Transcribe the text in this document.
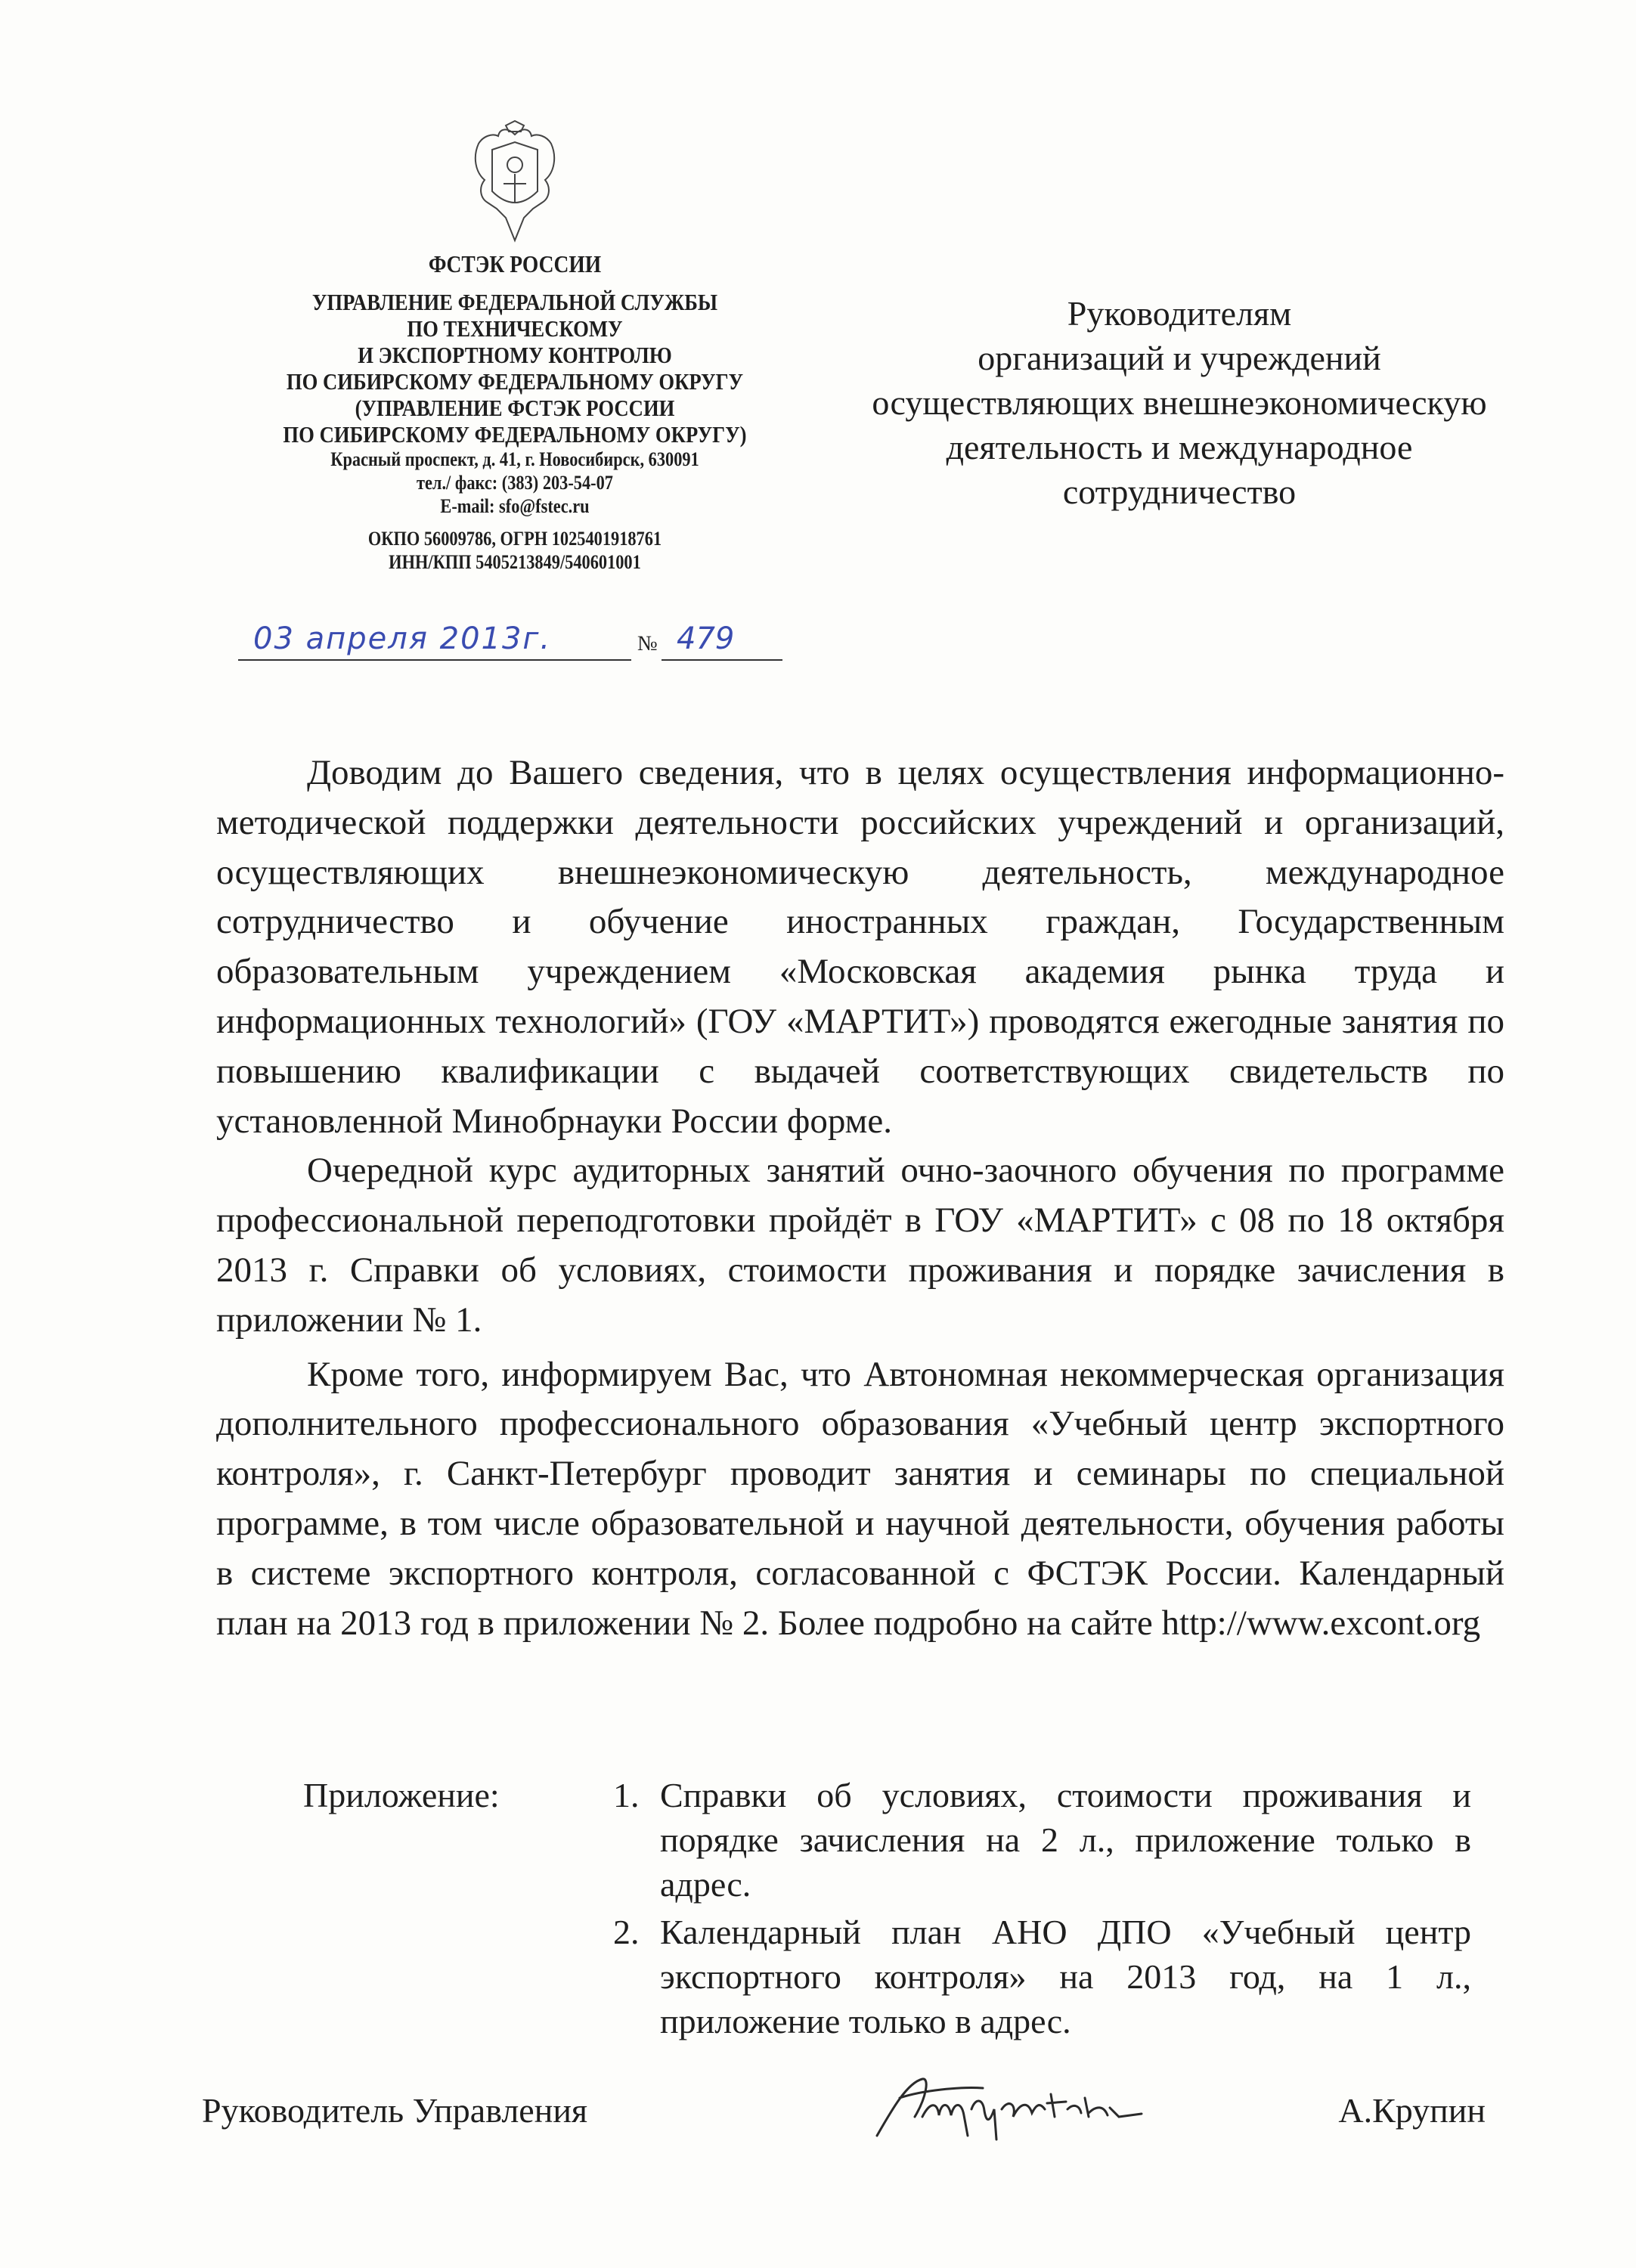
ФСТЭК РОССИИ
УПРАВЛЕНИЕ ФЕДЕРАЛЬНОЙ СЛУЖБЫ
ПО ТЕХНИЧЕСКОМУ
И ЭКСПОРТНОМУ КОНТРОЛЮ
ПО СИБИРСКОМУ ФЕДЕРАЛЬНОМУ ОКРУГУ
(УПРАВЛЕНИЕ ФСТЭК РОССИИ
ПО СИБИРСКОМУ ФЕДЕРАЛЬНОМУ ОКРУГУ)
Красный проспект, д. 41, г. Новосибирск, 630091
тел./ факс: (383) 203-54-07
E-mail: sfo@fstec.ru
ОКПО 56009786, ОГРН 1025401918761
ИНН/КПП 5405213849/540601001
03 апреля 2013г.	№ 479
Руководителям
организаций и учреждений
осуществляющих внешнеэкономическую
деятельность и международное
сотрудничество

Доводим до Вашего сведения, что в целях осуществления информационно-методической поддержки деятельности российских учреждений и организаций, осуществляющих внешнеэкономическую деятельность, международное сотрудничество и обучение иностранных граждан, Государственным образовательным учреждением «Московская академия рынка труда и информационных технологий» (ГОУ «МАРТИТ») проводятся ежегодные занятия по повышению квалификации с выдачей соответствующих свидетельств по установленной Минобрнауки России форме.

Очередной курс аудиторных занятий очно-заочного обучения по программе профессиональной переподготовки пройдёт в ГОУ «МАРТИТ» с 08 по 18 октября 2013 г. Справки об условиях, стоимости проживания и порядке зачисления в приложении № 1.

Кроме того, информируем Вас, что Автономная некоммерческая организация дополнительного профессионального образования «Учебный центр экспортного контроля», г. Санкт-Петербург проводит занятия и семинары по специальной программе, в том числе образовательной и научной деятельности, обучения работы в системе экспортного контроля, согласованной с ФСТЭК России. Календарный план на 2013 год в приложении № 2. Более подробно на сайте http://www.excont.org

Приложение:	1. Справки об условиях, стоимости проживания и порядке зачисления на 2 л., приложение только в адрес.
2. Календарный план АНО ДПО «Учебный центр экспортного контроля» на 2013 год, на 1 л., приложение только в адрес.
Руководитель Управления	А.Крупин
